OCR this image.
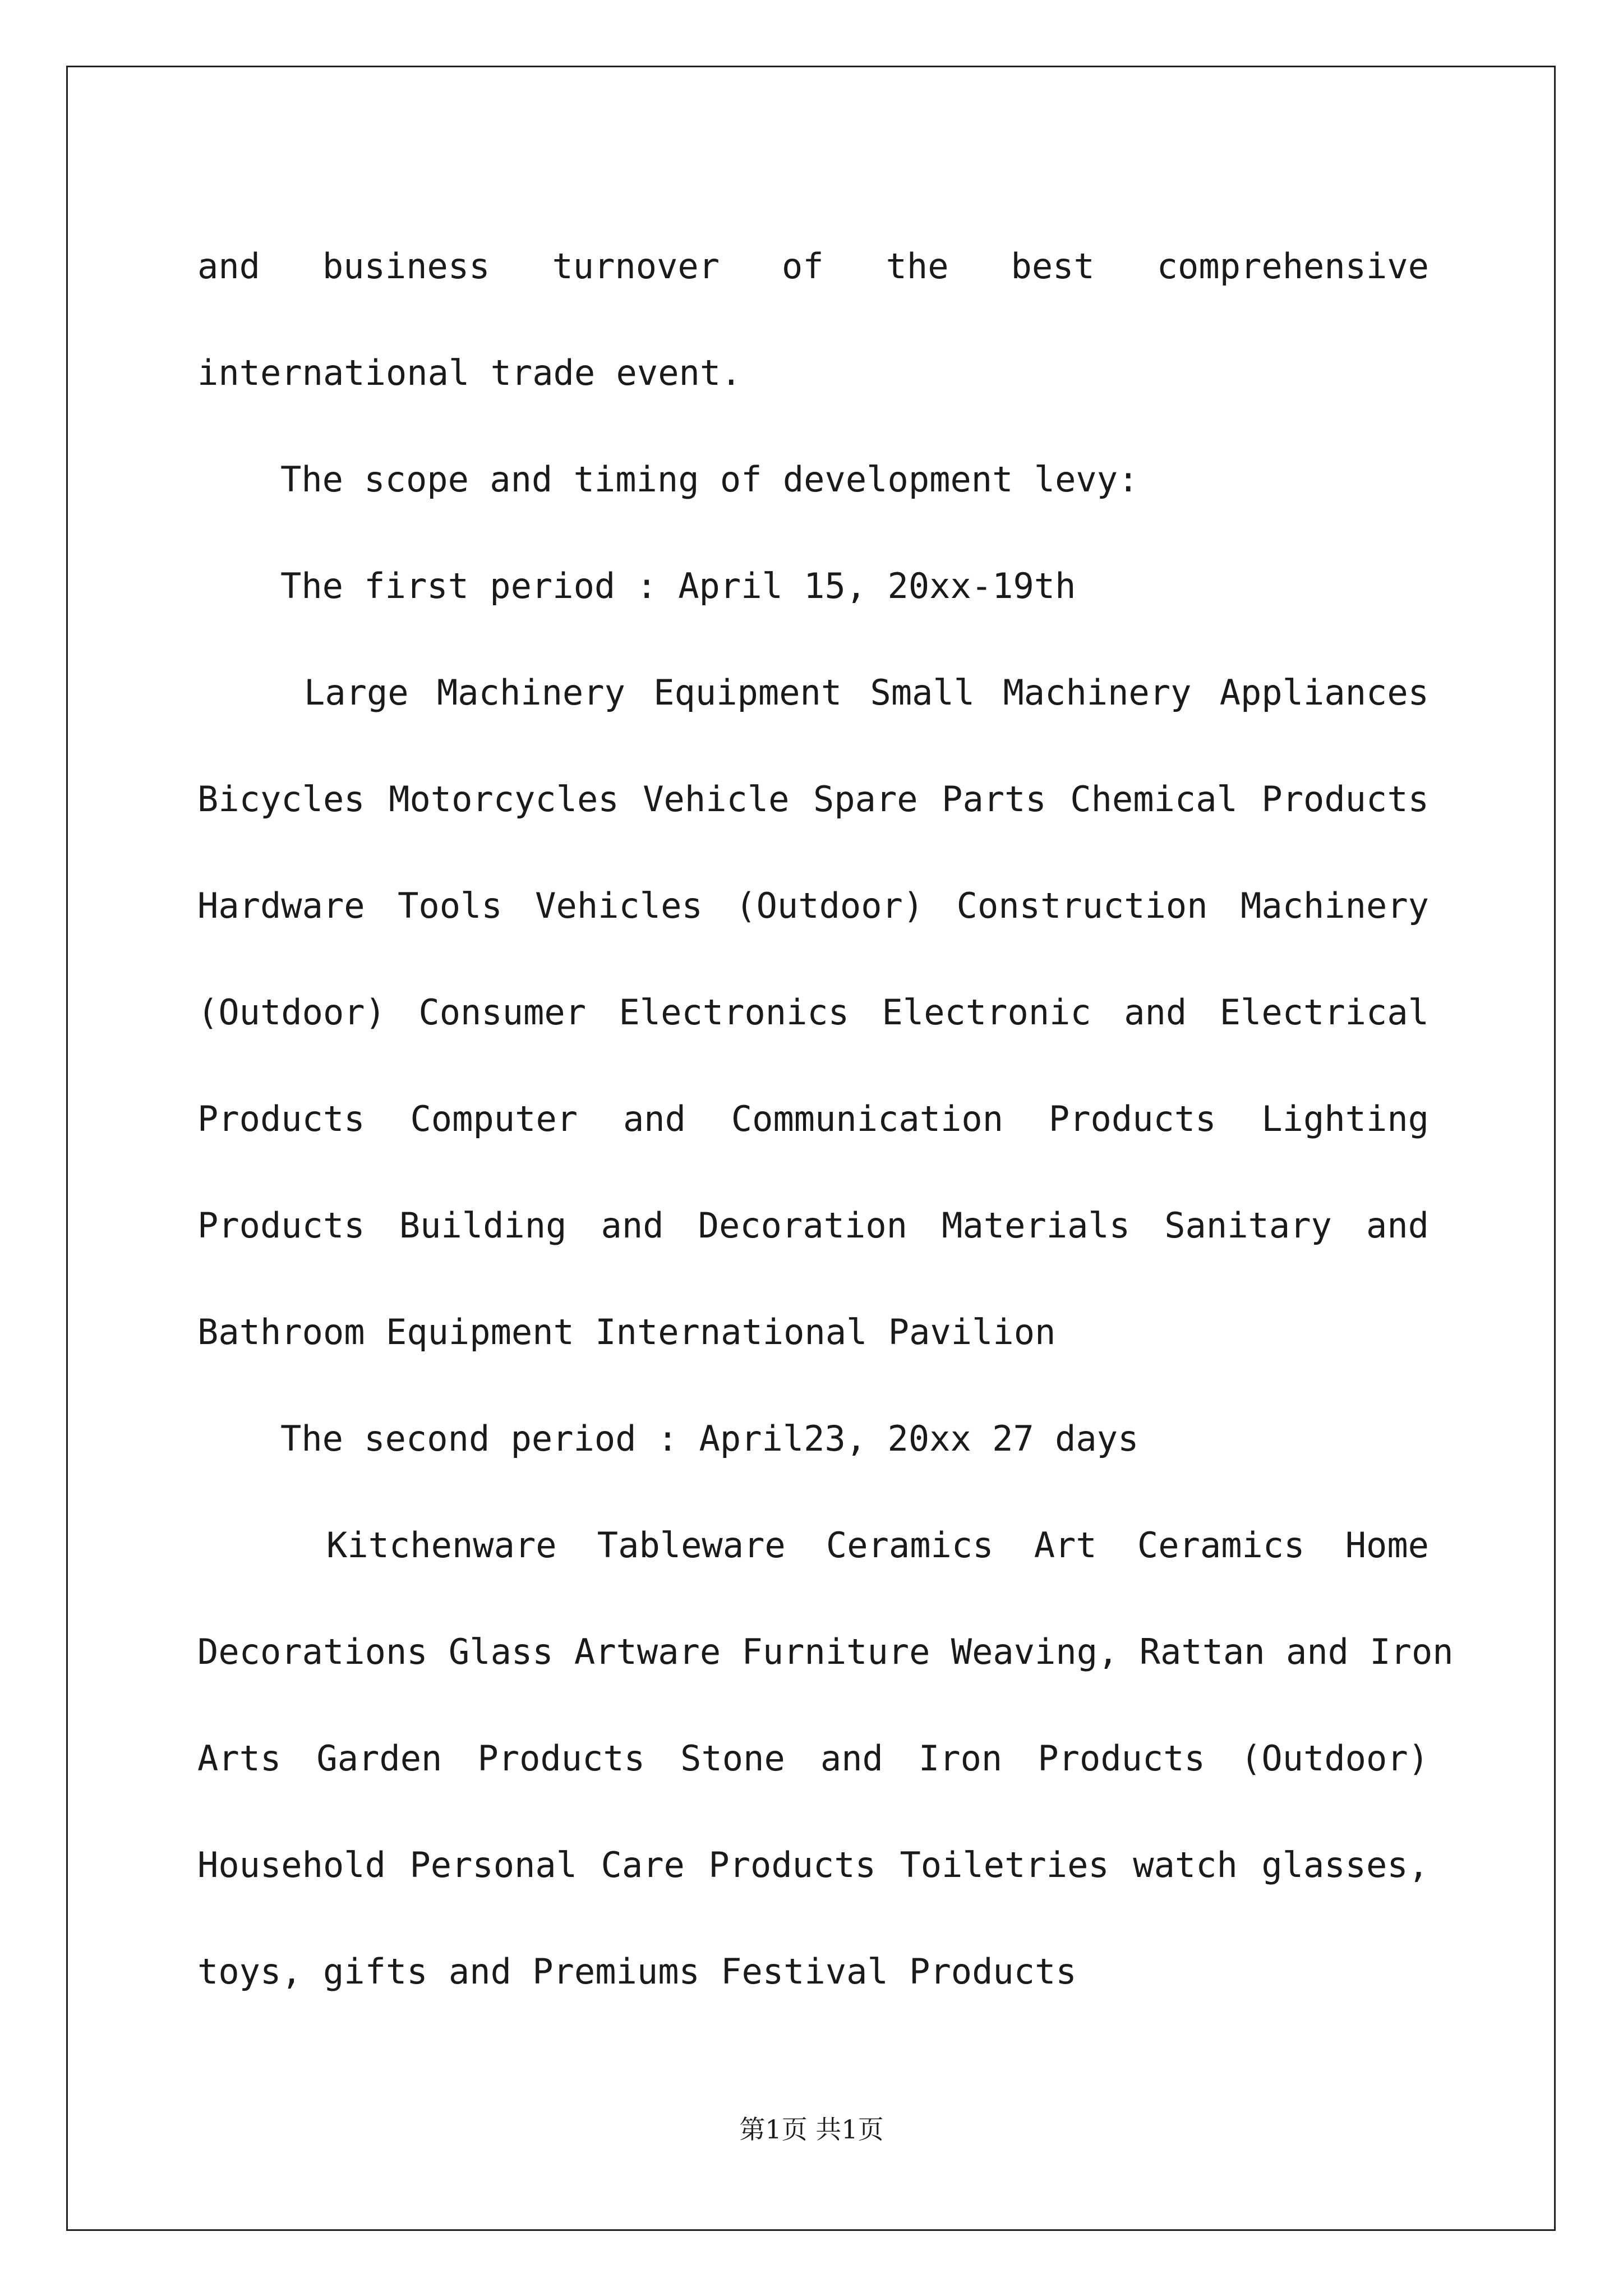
and business turnover of the best comprehensive
international trade event.
The scope and timing of development levy:
The first period : April 15, 20xx-19th
Large Machinery Equipment Small Machinery Appliances
Bicycles Motorcycles Vehicle Spare Parts Chemical Products
Hardware Tools Vehicles (Outdoor) Construction Machinery
(Outdoor) Consumer Electronics Electronic and Electrical
Products Computer and Communication Products Lighting
Products Building and Decoration Materials Sanitary and
Bathroom Equipment International Pavilion
The second period : April23, 20xx 27 days
Kitchenware Tableware Ceramics Art Ceramics Home
Decorations Glass Artware Furniture Weaving, Rattan and Iron
Arts Garden Products Stone and Iron Products (Outdoor)
Household Personal Care Products Toiletries watch glasses,
toys, gifts and Premiums Festival Products
第1页 共1页
